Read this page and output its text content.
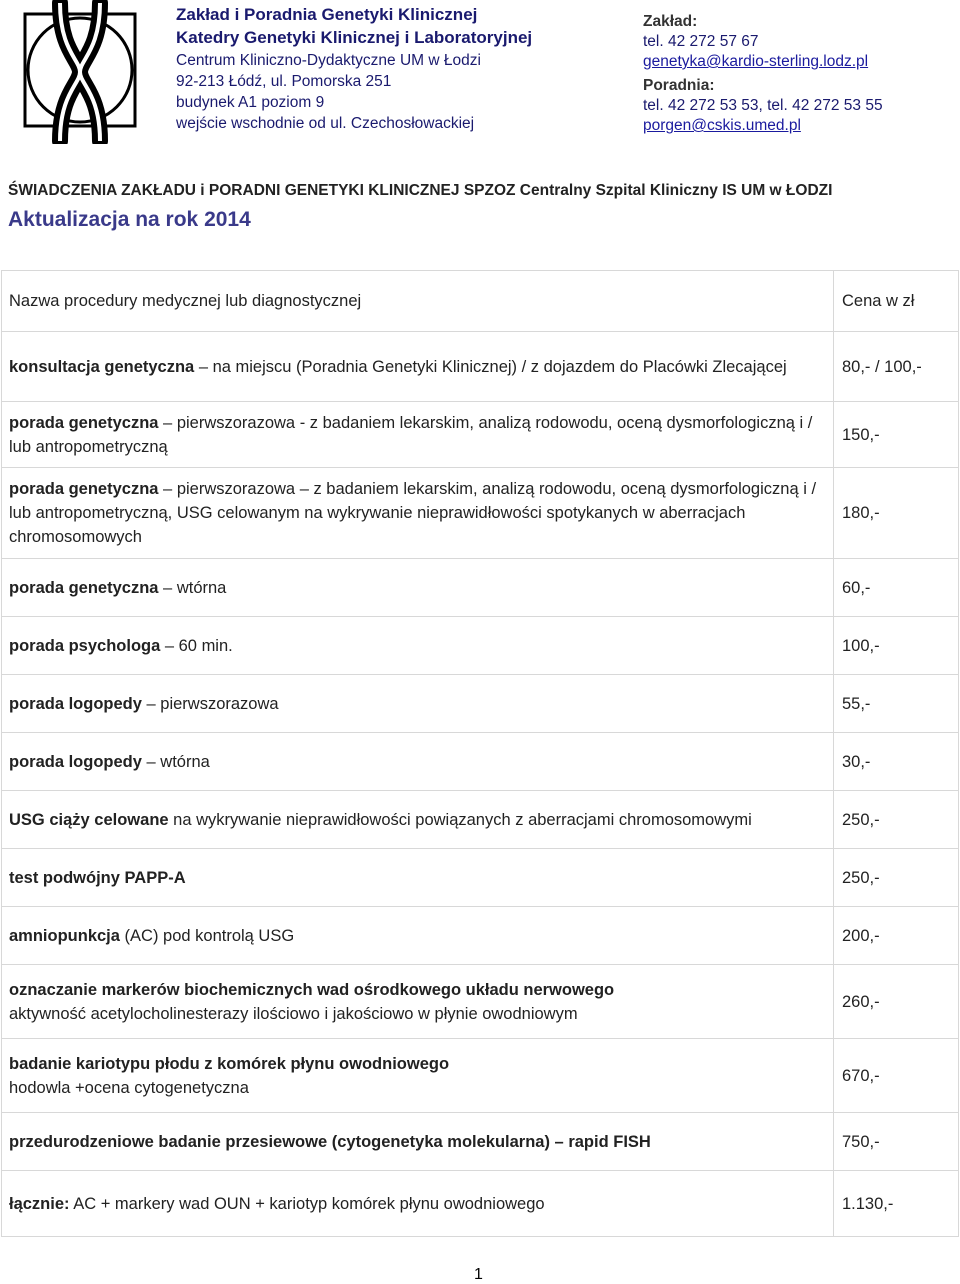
Zakład i Poradnia Genetyki Klinicznej
Katedry Genetyki Klinicznej i Laboratoryjnej
Centrum Kliniczno-Dydaktyczne UM w Łodzi
92-213 Łódź, ul. Pomorska 251
budynek A1 poziom 9
wejście wschodnie od ul. Czechosłowackiej
Zakład:
tel. 42 272 57 67
genetyka@kardio-sterling.lodz.pl
Poradnia:
tel. 42 272 53 53, tel. 42 272 53 55
porgen@cskis.umed.pl
ŚWIADCZENIA ZAKŁADU i PORADNI GENETYKI KLINICZNEJ SPZOZ Centralny Szpital Kliniczny IS UM w ŁODZI
Aktualizacja na rok 2014
Nazwa procedury medycznej lub diagnostycznej	Cena w zł

konsultacja genetyczna – na miejscu (Poradnia Genetyki Klinicznej) / z dojazdem do Placówki Zlecającej	80,- / 100,-

porada genetyczna – pierwszorazowa - z badaniem lekarskim, analizą rodowodu, oceną dysmorfologiczną i / lub antropometryczną	150,-

porada genetyczna – pierwszorazowa – z badaniem lekarskim, analizą rodowodu, oceną dysmorfologiczną i / lub antropometryczną, USG celowanym na wykrywanie nieprawidłowości spotykanych w aberracjach chromosomowych	180,-

porada genetyczna – wtórna	60,-

porada psychologa – 60 min.	100,-

porada logopedy – pierwszorazowa	55,-

porada logopedy – wtórna	30,-

USG ciąży celowane na wykrywanie nieprawidłowości powiązanych z aberracjami chromosomowymi	250,-

test podwójny PAPP-A	250,-

amniopunkcja (AC) pod kontrolą USG	200,-

oznaczanie markerów biochemicznych wad ośrodkowego układu nerwowego
aktywność acetylocholinesterazy ilościowo i jakościowo w płynie owodniowym	260,-

badanie kariotypu płodu z komórek płynu owodniowego
hodowla +ocena cytogenetyczna	670,-

przedurodzeniowe badanie przesiewowe (cytogenetyka molekularna) – rapid FISH	750,-

łącznie: AC + markery wad OUN + kariotyp komórek płynu owodniowego	1.130,-
1
